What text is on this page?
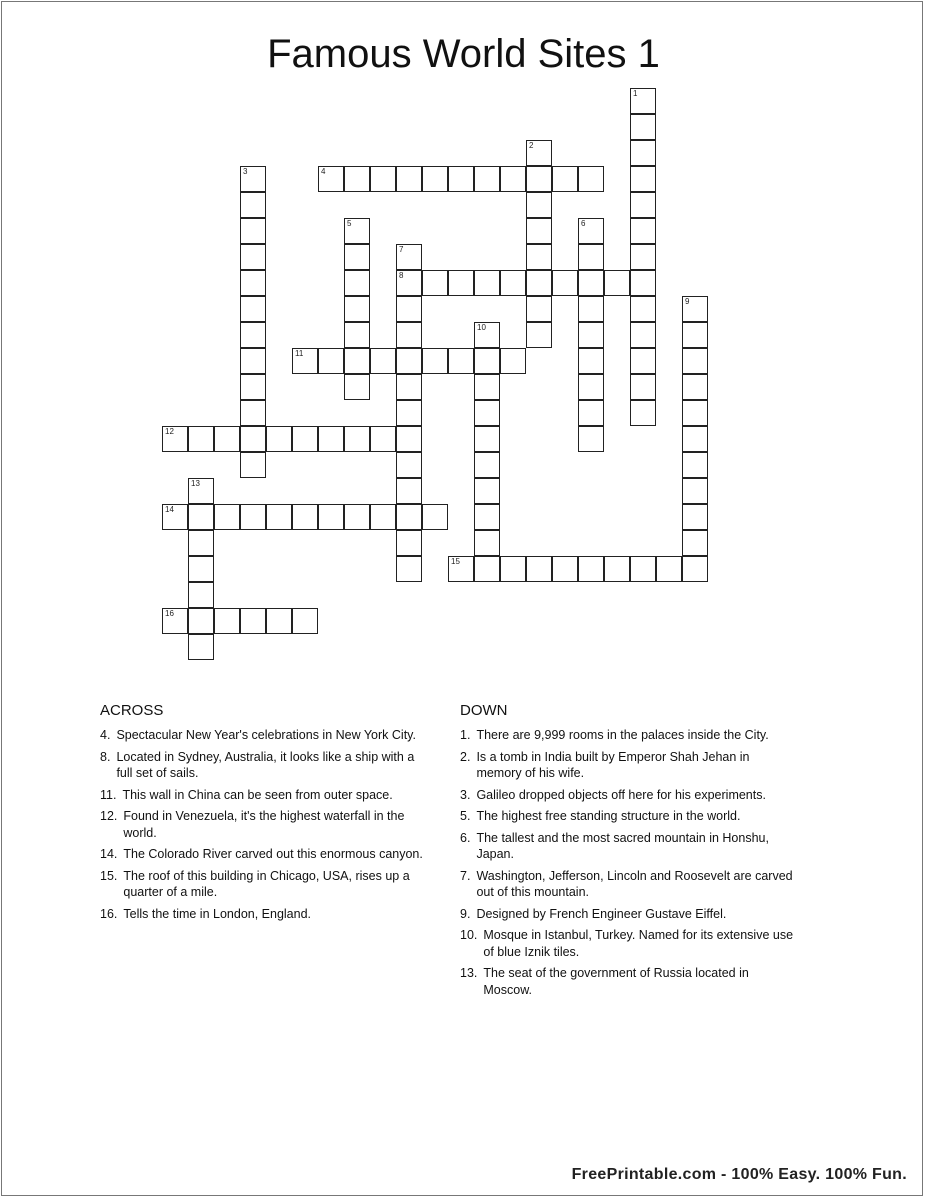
Famous World Sites 1
1
2
3	4
5	6
7
8
9
10
11
12
13
14
15
16
ACROSS
4. Spectacular New Year's celebrations in New York City.
8. Located in Sydney, Australia, it looks like a ship with a full set of sails.
11. This wall in China can be seen from outer space.
12. Found in Venezuela, it's the highest waterfall in the world.
14. The Colorado River carved out this enormous canyon.
15. The roof of this building in Chicago, USA, rises up a quarter of a mile.
16. Tells the time in London, England.
DOWN
1. There are 9,999 rooms in the palaces inside the City.
2. Is a tomb in India built by Emperor Shah Jehan in memory of his wife.
3. Galileo dropped objects off here for his experiments.
5. The highest free standing structure in the world.
6. The tallest and the most sacred mountain in Honshu, Japan.
7. Washington, Jefferson, Lincoln and Roosevelt are carved out of this mountain.
9. Designed by French Engineer Gustave Eiffel.
10. Mosque in Istanbul, Turkey. Named for its extensive use of blue Iznik tiles.
13. The seat of the government of Russia located in Moscow.
FreePrintable.com - 100% Easy. 100% Fun.
